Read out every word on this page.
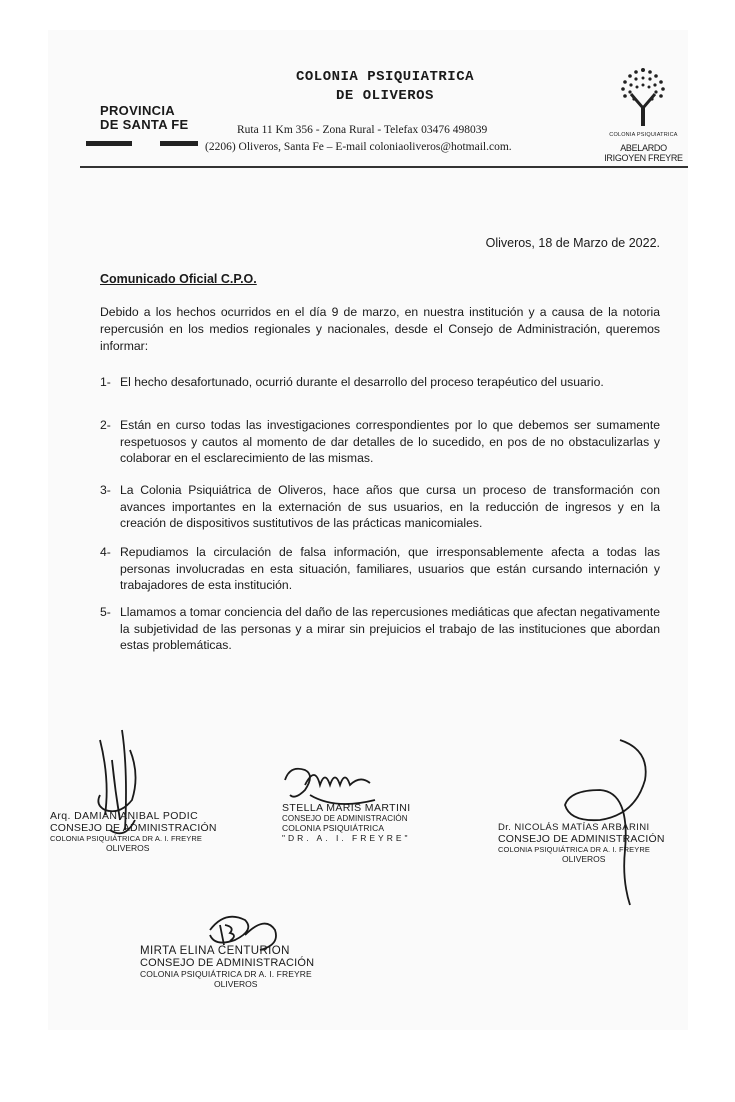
COLONIA PSIQUIATRICA
DE OLIVEROS
PROVINCIA
DE SANTA FE	Ruta 11 Km 356 - Zona Rural - Telefax 03476 498039
(2206) Oliveros, Santa Fe – E-mail coloniaoliveros@hotmail.com.
COLONIA PSIQUIATRICA
ABELARDO
IRIGOYEN FREYRE
Oliveros, 18 de Marzo de 2022.
Comunicado Oficial C.P.O.
Debido a los hechos ocurridos en el día 9 de marzo, en nuestra institución y a causa de la notoria repercusión en los medios regionales y nacionales, desde el Consejo de Administración, queremos informar:
1- El hecho desafortunado, ocurrió durante el desarrollo del proceso terapéutico del usuario.
2- Están en curso todas las investigaciones correspondientes por lo que debemos ser sumamente respetuosos y cautos al momento de dar detalles de lo sucedido, en pos de no obstaculizarlas y colaborar en el esclarecimiento de las mismas.
3- La Colonia Psiquiátrica de Oliveros, hace años que cursa un proceso de transformación con avances importantes en la externación de sus usuarios, en la reducción de ingresos y en la creación de dispositivos sustitutivos de las prácticas manicomiales.
4- Repudiamos la circulación de falsa información, que irresponsablemente afecta a todas las personas involucradas en esta situación, familiares, usuarios que están cursando internación y trabajadores de esta institución.
5- Llamamos a tomar conciencia del daño de las repercusiones mediáticas que afectan negativamente la subjetividad de las personas y a mirar sin prejuicios el trabajo de las instituciones que abordan estas problemáticas.
Arq. DAMIAN ANIBAL PODIC
CONSEJO DE ADMINISTRACIÓN
COLONIA PSIQUIÁTRICA DR A. I. FREYRE
OLIVEROS
STELLA MARIS MARTINI
CONSEJO DE ADMINISTRACIÓN
COLONIA PSIQUIÁTRICA
"DR. A. I. FREYRE"
Dr. NICOLÁS MATÍAS ARBARINI
CONSEJO DE ADMINISTRACIÓN
COLONIA PSIQUIÁTRICA DR A. I. FREYRE
OLIVEROS
MIRTA ELINA CENTURION
CONSEJO DE ADMINISTRACIÓN
COLONIA PSIQUIÁTRICA DR A. I. FREYRE
OLIVEROS
